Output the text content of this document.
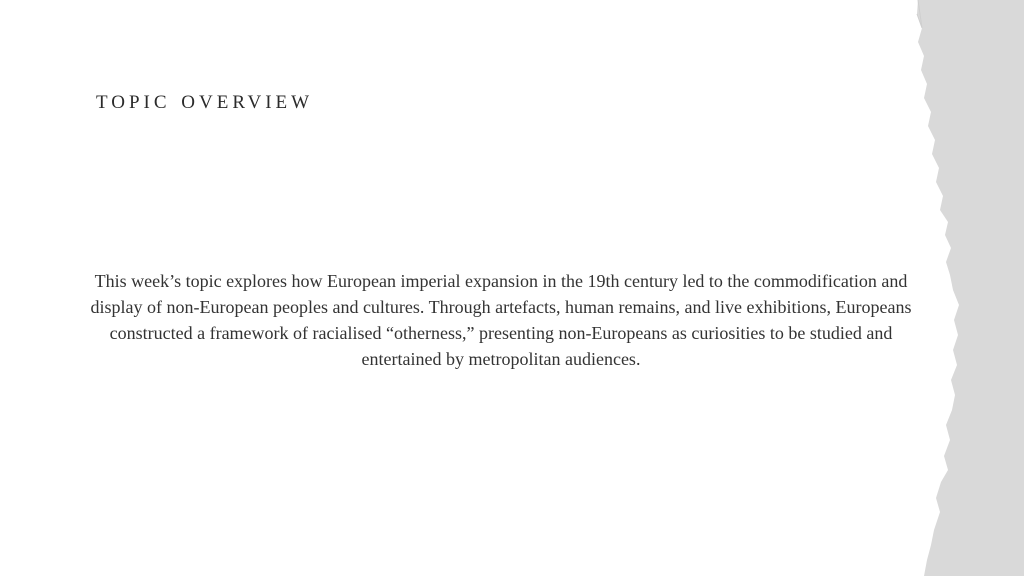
topic overview

This week’s topic explores how European imperial expansion in the 19th century led to the commodification and display of non-European peoples and cultures. Through artefacts, human remains, and live exhibitions, Europeans constructed a framework of racialised “otherness,” presenting non-Europeans as curiosities to be studied and entertained by metropolitan audiences.
